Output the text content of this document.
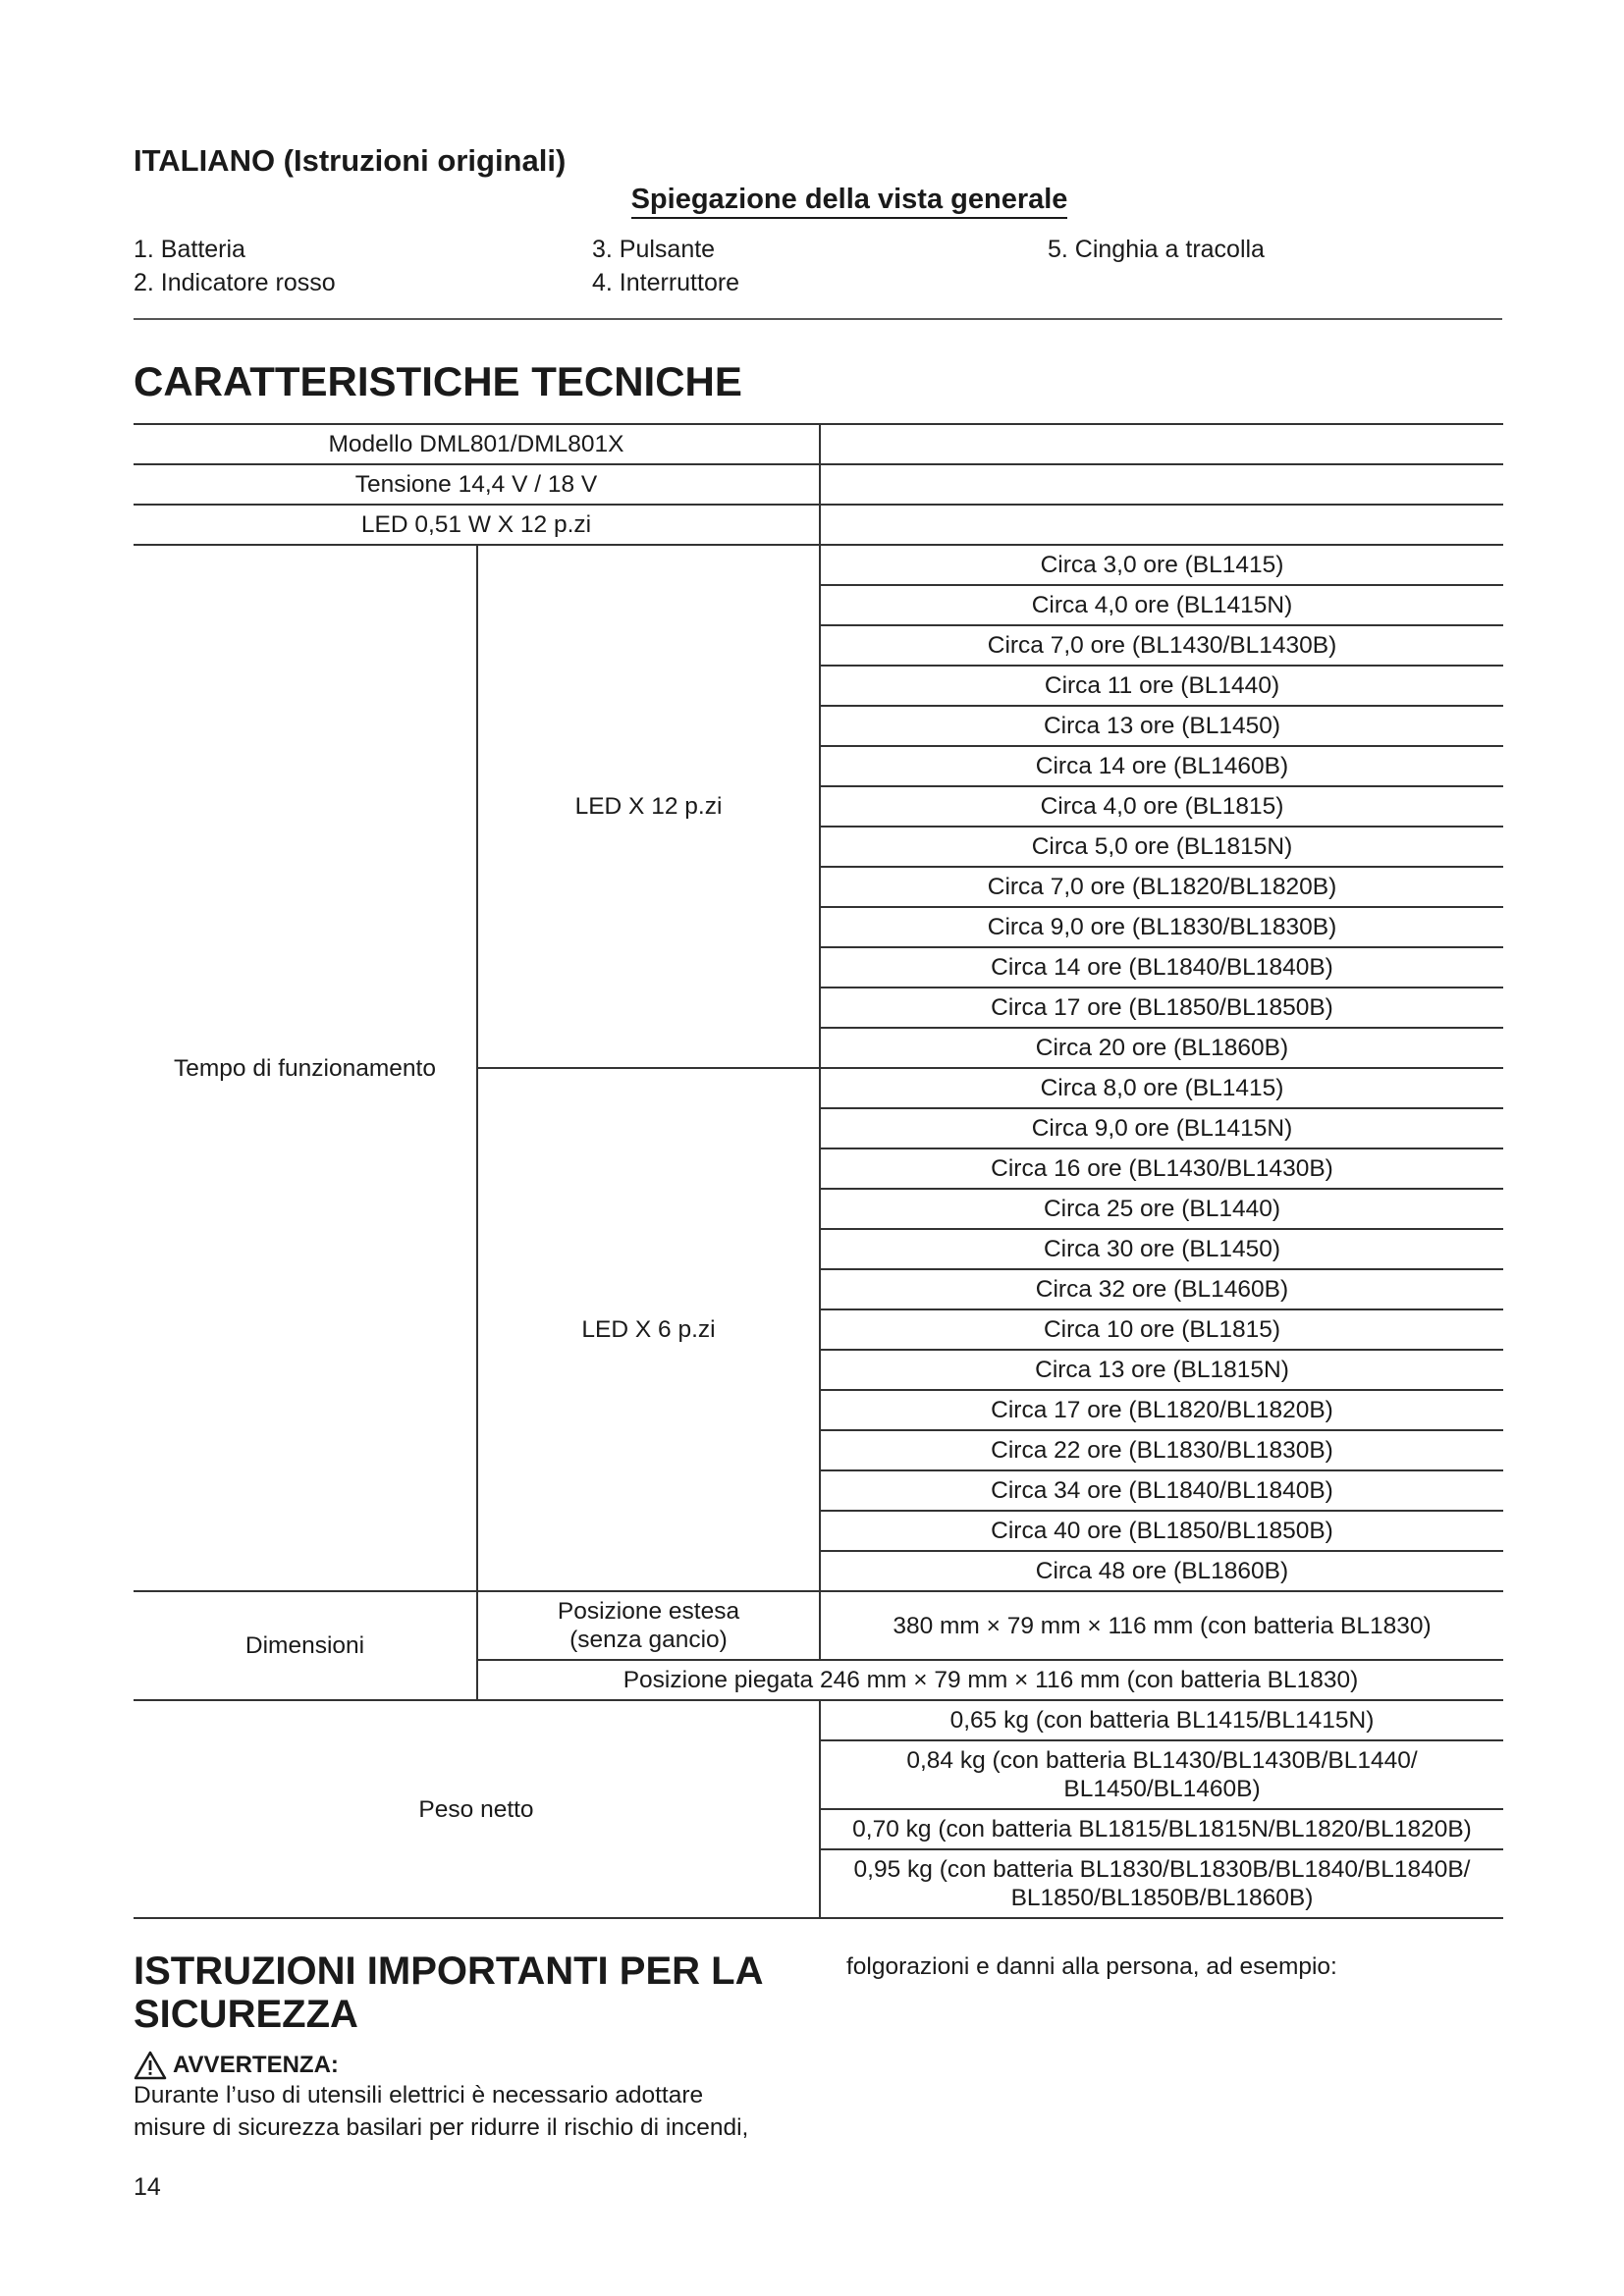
ITALIANO (Istruzioni originali)
Spiegazione della vista generale
1. Batteria
2. Indicatore rosso
3. Pulsante
4. Interruttore
5. Cinghia a tracolla
CARATTERISTICHE TECNICHE
Modello DML801/DML801X		
Tensione 14,4 V / 18 V		
LED 0,51 W X 12 p.zi		
Tempo di funzionamento	LED X 12 p.zi	Circa 3,0 ore (BL1415)
		Circa 4,0 ore (BL1415N)
		Circa 7,0 ore (BL1430/BL1430B)
		Circa 11 ore (BL1440)
		Circa 13 ore (BL1450)
		Circa 14 ore (BL1460B)
		Circa 4,0 ore (BL1815)
		Circa 5,0 ore (BL1815N)
		Circa 7,0 ore (BL1820/BL1820B)
		Circa 9,0 ore (BL1830/BL1830B)
		Circa 14 ore (BL1840/BL1840B)
		Circa 17 ore (BL1850/BL1850B)
		Circa 20 ore (BL1860B)
	LED X 6 p.zi	Circa 8,0 ore (BL1415)
		Circa 9,0 ore (BL1415N)
		Circa 16 ore (BL1430/BL1430B)
		Circa 25 ore (BL1440)
		Circa 30 ore (BL1450)
		Circa 32 ore (BL1460B)
		Circa 10 ore (BL1815)
		Circa 13 ore (BL1815N)
		Circa 17 ore (BL1820/BL1820B)
		Circa 22 ore (BL1830/BL1830B)
		Circa 34 ore (BL1840/BL1840B)
		Circa 40 ore (BL1850/BL1850B)
		Circa 48 ore (BL1860B)
Dimensioni	Posizione estesa
(senza gancio)	380 mm × 79 mm × 116 mm (con batteria BL1830)
	Posizione piegata 246 mm × 79 mm × 116 mm (con batteria BL1830)	
Peso netto		0,65 kg (con batteria BL1415/BL1415N)

		0,84 kg (con batteria BL1430/BL1430B/BL1440/
BL1450/BL1460B)

		0,70 kg (con batteria BL1815/BL1815N/BL1820/BL1820B)

		0,95 kg (con batteria BL1830/BL1830B/BL1840/BL1840B/
BL1850/BL1850B/BL1860B)
ISTRUZIONI IMPORTANTI PER LA
SICUREZZA
AVVERTENZA:
Durante l’uso di utensili elettrici è necessario adottare
misure di sicurezza basilari per ridurre il rischio di incendi,
folgorazioni e danni alla persona, ad esempio:
14
